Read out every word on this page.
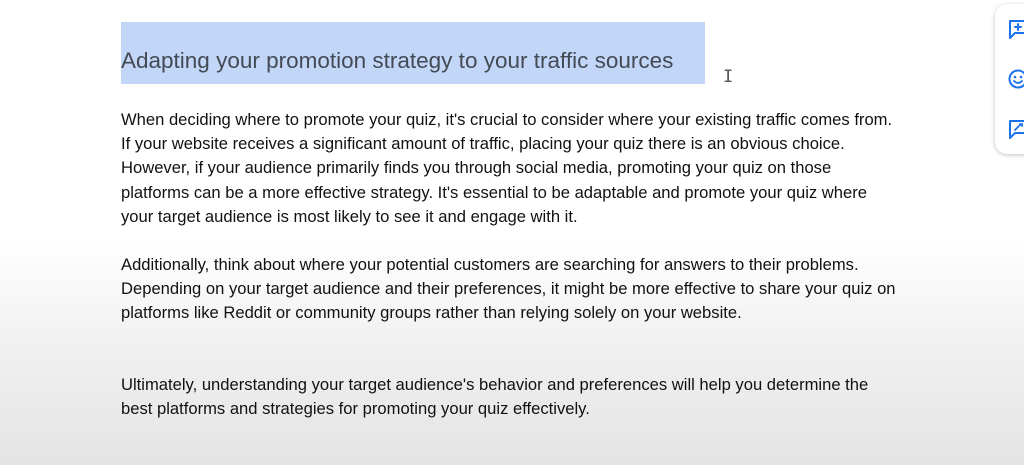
Adapting your promotion strategy to your traffic sources
I

When deciding where to promote your quiz, it's crucial to consider where your existing traffic comes from. If your website receives a significant amount of traffic, placing your quiz there is an obvious choice. However, if your audience primarily finds you through social media, promoting your quiz on those platforms can be a more effective strategy. It's essential to be adaptable and promote your quiz where your target audience is most likely to see it and engage with it.

Additionally, think about where your potential customers are searching for answers to their problems. Depending on your target audience and their preferences, it might be more effective to share your quiz on platforms like Reddit or community groups rather than relying solely on your website.

Ultimately, understanding your target audience's behavior and preferences will help you determine the best platforms and strategies for promoting your quiz effectively.
